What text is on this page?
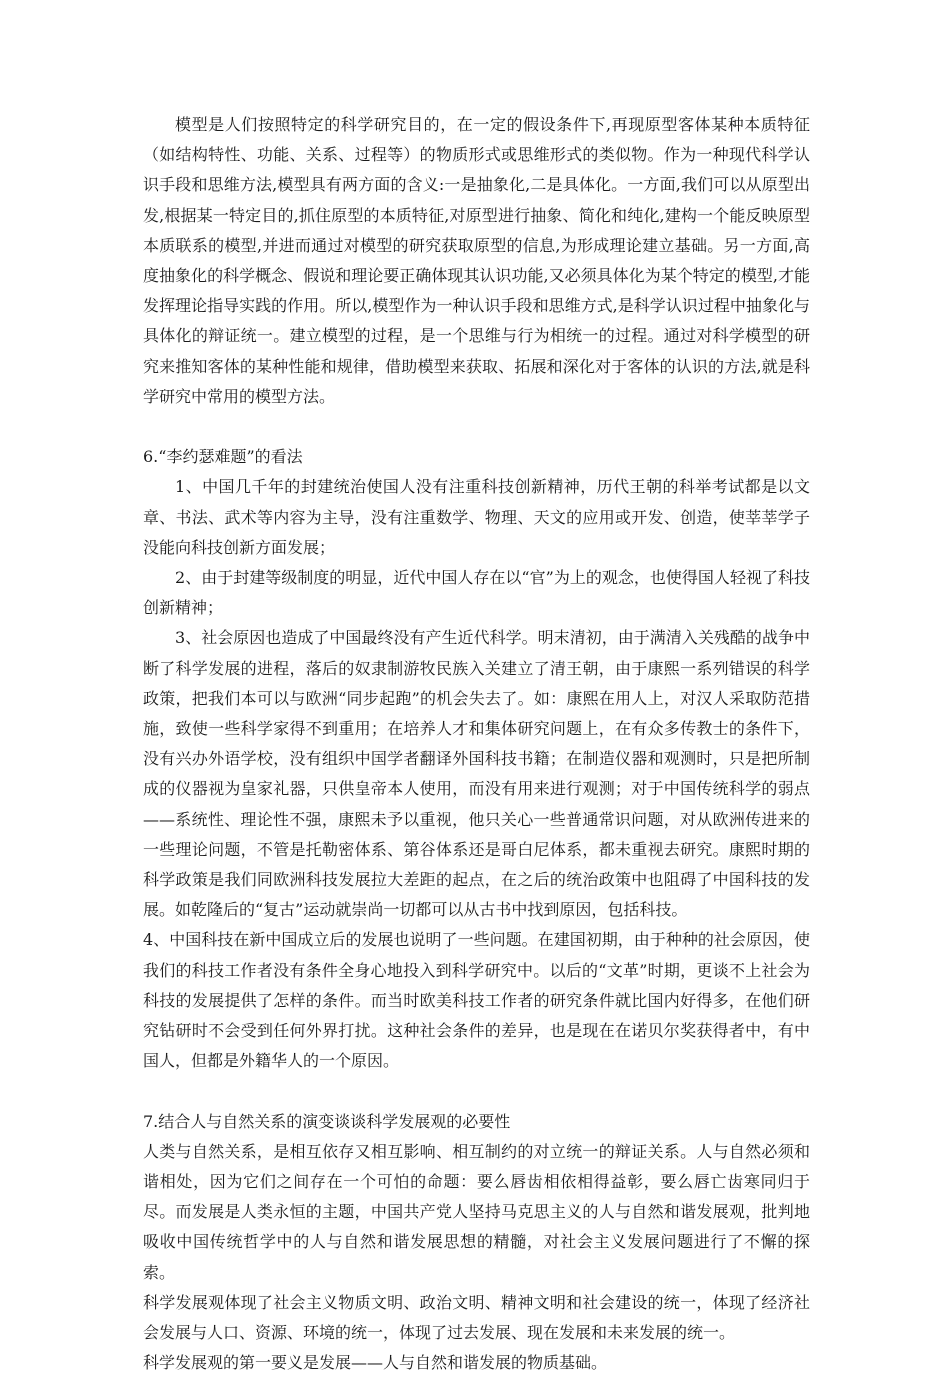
模型是人们按照特定的科学研究目的，在一定的假设条件下,再现原型客体某种本质特征（如结构特性、功能、关系、过程等）的物质形式或思维形式的类似物。作为一种现代科学认识手段和思维方法,模型具有两方面的含义:一是抽象化,二是具体化。一方面,我们可以从原型出发,根据某一特定目的,抓住原型的本质特征,对原型进行抽象、简化和纯化,建构一个能反映原型本质联系的模型,并进而通过对模型的研究获取原型的信息,为形成理论建立基础。另一方面,高度抽象化的科学概念、假说和理论要正确体现其认识功能,又必须具体化为某个特定的模型,才能发挥理论指导实践的作用。所以,模型作为一种认识手段和思维方式,是科学认识过程中抽象化与具体化的辩证统一。建立模型的过程，是一个思维与行为相统一的过程。通过对科学模型的研究来推知客体的某种性能和规律，借助模型来获取、拓展和深化对于客体的认识的方法,就是科学研究中常用的模型方法。

6.“李约瑟难题”的看法

1、中国几千年的封建统治使国人没有注重科技创新精神，历代王朝的科举考试都是以文章、书法、武术等内容为主导，没有注重数学、物理、天文的应用或开发、创造，使莘莘学子没能向科技创新方面发展；

2、由于封建等级制度的明显，近代中国人存在以“官”为上的观念，也使得国人轻视了科技创新精神；

3、社会原因也造成了中国最终没有产生近代科学。明末清初，由于满清入关残酷的战争中断了科学发展的进程，落后的奴隶制游牧民族入关建立了清王朝，由于康熙一系列错误的科学政策，把我们本可以与欧洲“同步起跑”的机会失去了。如：康熙在用人上，对汉人采取防范措施，致使一些科学家得不到重用；在培养人才和集体研究问题上，在有众多传教士的条件下，没有兴办外语学校，没有组织中国学者翻译外国科技书籍；在制造仪器和观测时，只是把所制成的仪器视为皇家礼器，只供皇帝本人使用，而没有用来进行观测；对于中国传统科学的弱点——系统性、理论性不强，康熙未予以重视，他只关心一些普通常识问题，对从欧洲传进来的一些理论问题，不管是托勒密体系、第谷体系还是哥白尼体系，都未重视去研究。康熙时期的科学政策是我们同欧洲科技发展拉大差距的起点，在之后的统治政策中也阻碍了中国科技的发展。如乾隆后的“复古”运动就崇尚一切都可以从古书中找到原因，包括科技。

4、中国科技在新中国成立后的发展也说明了一些问题。在建国初期，由于种种的社会原因，使我们的科技工作者没有条件全身心地投入到科学研究中。以后的“文革”时期，更谈不上社会为科技的发展提供了怎样的条件。而当时欧美科技工作者的研究条件就比国内好得多，在他们研究钻研时不会受到任何外界打扰。这种社会条件的差异，也是现在在诺贝尔奖获得者中，有中国人，但都是外籍华人的一个原因。

7.结合人与自然关系的演变谈谈科学发展观的必要性

人类与自然关系，是相互依存又相互影响、相互制约的对立统一的辩证关系。人与自然必须和谐相处，因为它们之间存在一个可怕的命题：要么唇齿相依相得益彰，要么唇亡齿寒同归于尽。而发展是人类永恒的主题，中国共产党人坚持马克思主义的人与自然和谐发展观，批判地吸收中国传统哲学中的人与自然和谐发展思想的精髓，对社会主义发展问题进行了不懈的探索。

科学发展观体现了社会主义物质文明、政治文明、精神文明和社会建设的统一，体现了经济社会发展与人口、资源、环境的统一，体现了过去发展、现在发展和未来发展的统一。

科学发展观的第一要义是发展——人与自然和谐发展的物质基础。
